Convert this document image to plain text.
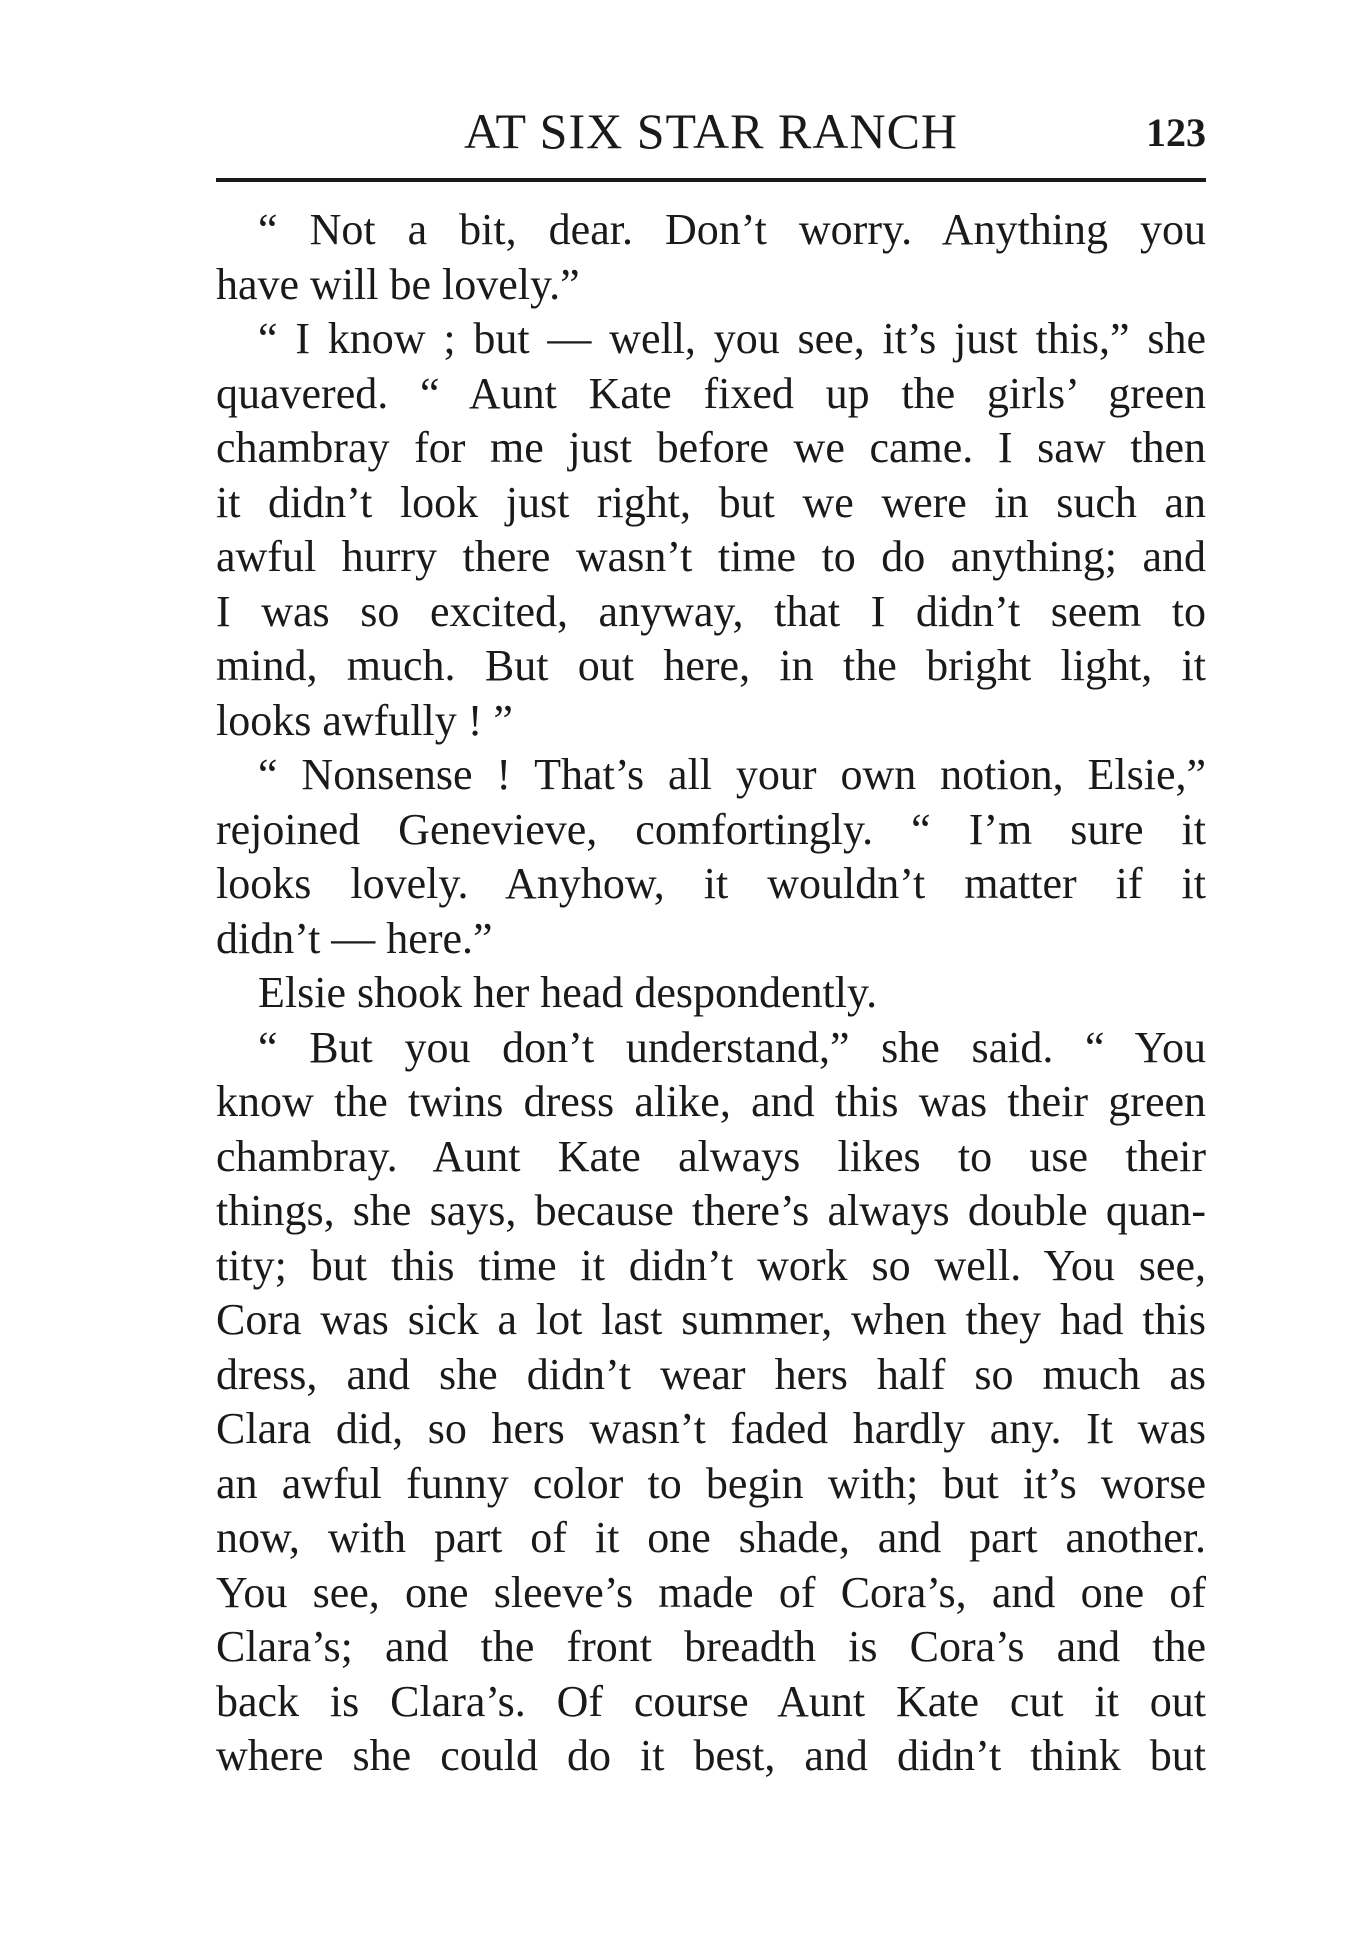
AT SIX STAR RANCH	123
“ Not a bit, dear. Don’t worry. Anything you
have will be lovely.”
“ I know ; but — well, you see, it’s just this,” she
quavered. “ Aunt Kate fixed up the girls’ green
chambray for me just before we came. I saw then
it didn’t look just right, but we were in such an
awful hurry there wasn’t time to do anything; and
I was so excited, anyway, that I didn’t seem to
mind, much. But out here, in the bright light, it
looks awfully ! ”
“ Nonsense ! That’s all your own notion, Elsie,”
rejoined Genevieve, comfortingly. “ I’m sure it
looks lovely. Anyhow, it wouldn’t matter if it
didn’t — here.”
Elsie shook her head despondently.
“ But you don’t understand,” she said. “ You
know the twins dress alike, and this was their green
chambray. Aunt Kate always likes to use their
things, she says, because there’s always double quan-
tity; but this time it didn’t work so well. You see,
Cora was sick a lot last summer, when they had this
dress, and she didn’t wear hers half so much as
Clara did, so hers wasn’t faded hardly any. It was
an awful funny color to begin with; but it’s worse
now, with part of it one shade, and part another.
You see, one sleeve’s made of Cora’s, and one of
Clara’s; and the front breadth is Cora’s and the
back is Clara’s. Of course Aunt Kate cut it out
where she could do it best, and didn’t think but
